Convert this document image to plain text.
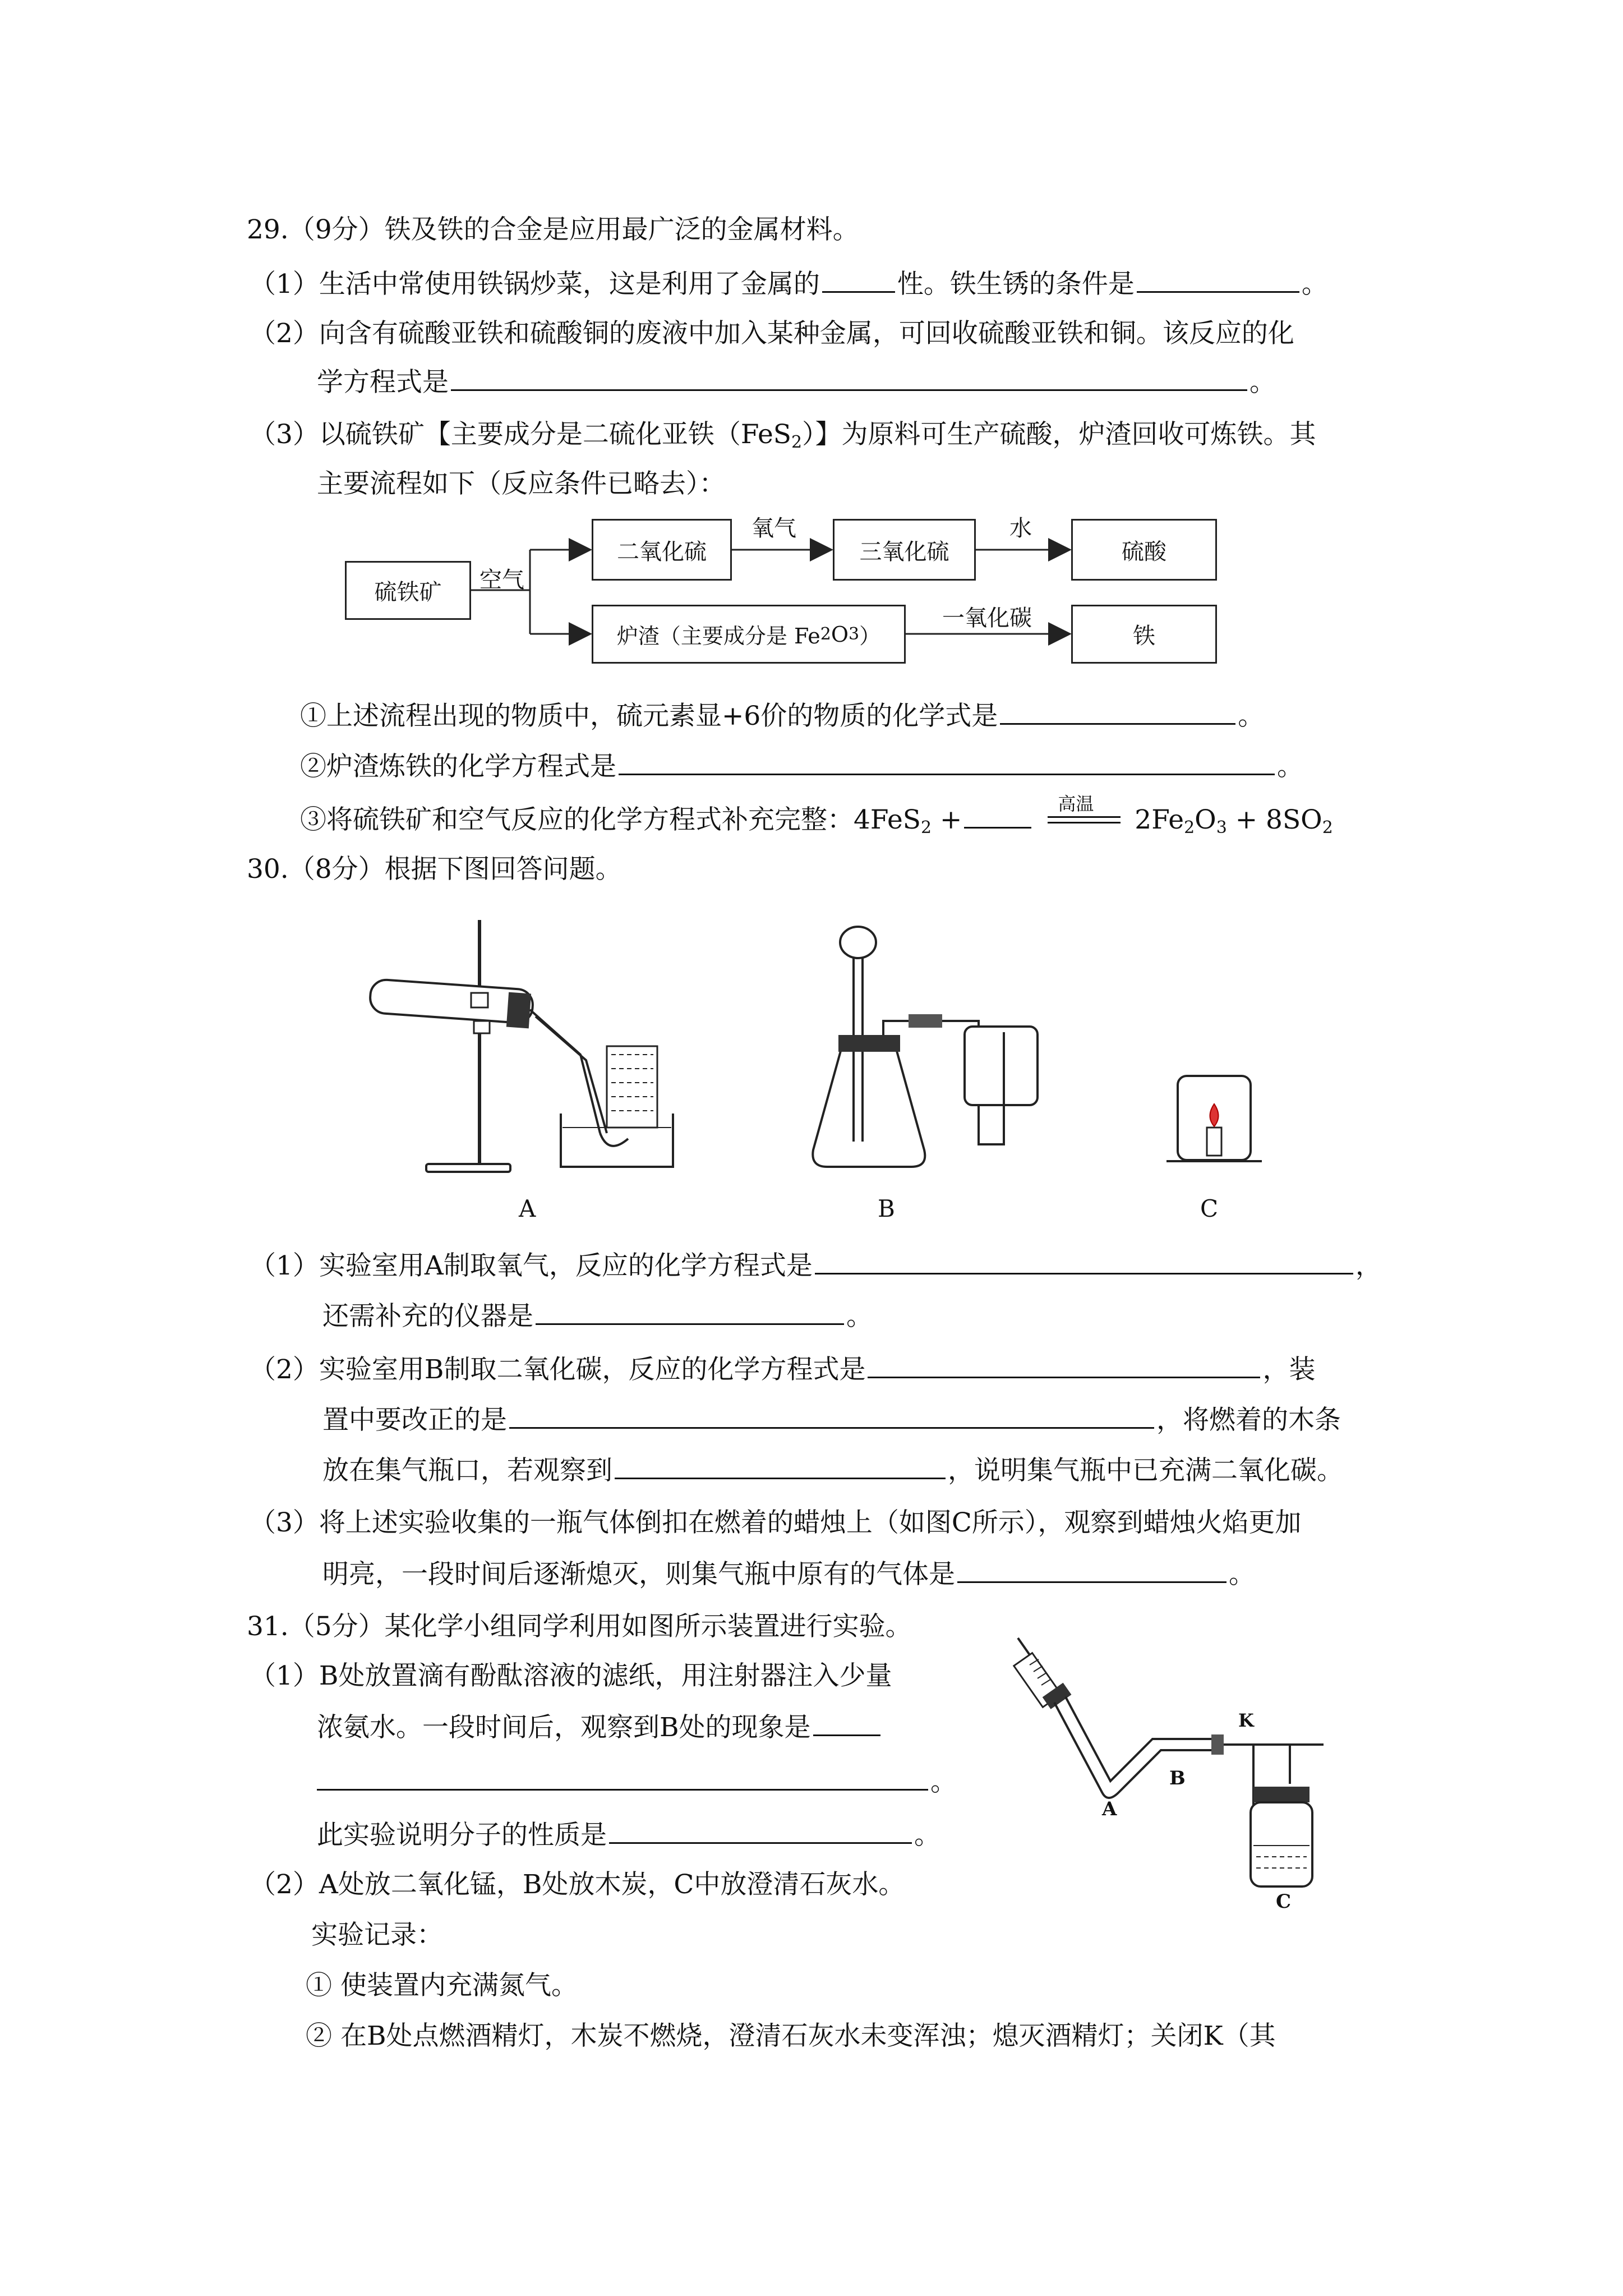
29.（9分）铁及铁的合金是应用最广泛的金属材料。
（1）生活中常使用铁锅炒菜，这是利用了金属的	性。铁生锈的条件是	。
（2）向含有硫酸亚铁和硫酸铜的废液中加入某种金属，可回收硫酸亚铁和铜。该反应的化
学方程式是	。
（3）以硫铁矿【主要成分是二硫化亚铁（FeS$_2$）】为原料可生产硫酸，炉渣回收可炼铁。其
主要流程如下（反应条件已略去）：
硫铁矿	空气
二氧化硫
氧气
三氧化硫
水
硫酸
炉渣（主要成分是 Fe 2 O 3 ）
一氧化碳
铁
①上述流程出现的物质中，硫元素显+6价的物质的化学式是	。
②炉渣炼铁的化学方程式是	。
③将硫铁矿和空气反应的化学方程式补充完整：4FeS$_2$ +
高温
$2Fe_2O_3 + 8SO_2$
30.（8分）根据下图回答问题。
A	B	C
（1）实验室用A制取氧气，反应的化学方程式是	，
还需补充的仪器是	。
（2）实验室用B制取二氧化碳，反应的化学方程式是	，装
置中要改正的是	，将燃着的木条
放在集气瓶口，若观察到	，说明集气瓶中已充满二氧化碳。
（3）将上述实验收集的一瓶气体倒扣在燃着的蜡烛上（如图C所示），观察到蜡烛火焰更加
明亮，一段时间后逐渐熄灭，则集气瓶中原有的气体是	。
31.（5分）某化学小组同学利用如图所示装置进行实验。
（1）B处放置滴有酚酞溶液的滤纸，用注射器注入少量
浓氨水。一段时间后，观察到B处的现象是
。
此实验说明分子的性质是	。
（2）A处放二氧化锰，B处放木炭，C中放澄清石灰水。
实验记录：
① 使装置内充满氮气。
② 在B处点燃酒精灯，木炭不燃烧，澄清石灰水未变浑浊；熄灭酒精灯；关闭K（其
A
B
C
K
